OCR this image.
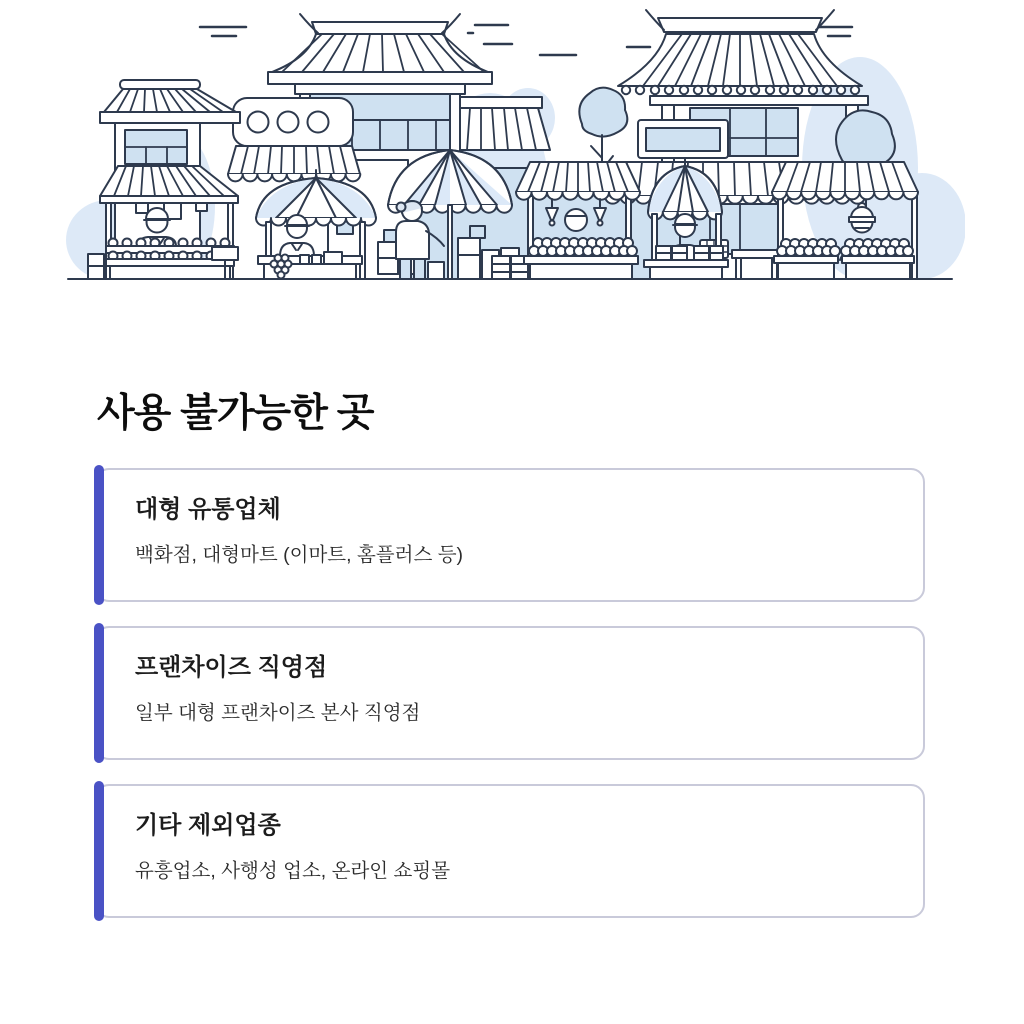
사용 불가능한 곳
대형 유통업체

백화점, 대형마트 (이마트, 홈플러스 등)

프랜차이즈 직영점

일부 대형 프랜차이즈 본사 직영점

기타 제외업종

유흥업소, 사행성 업소, 온라인 쇼핑몰
